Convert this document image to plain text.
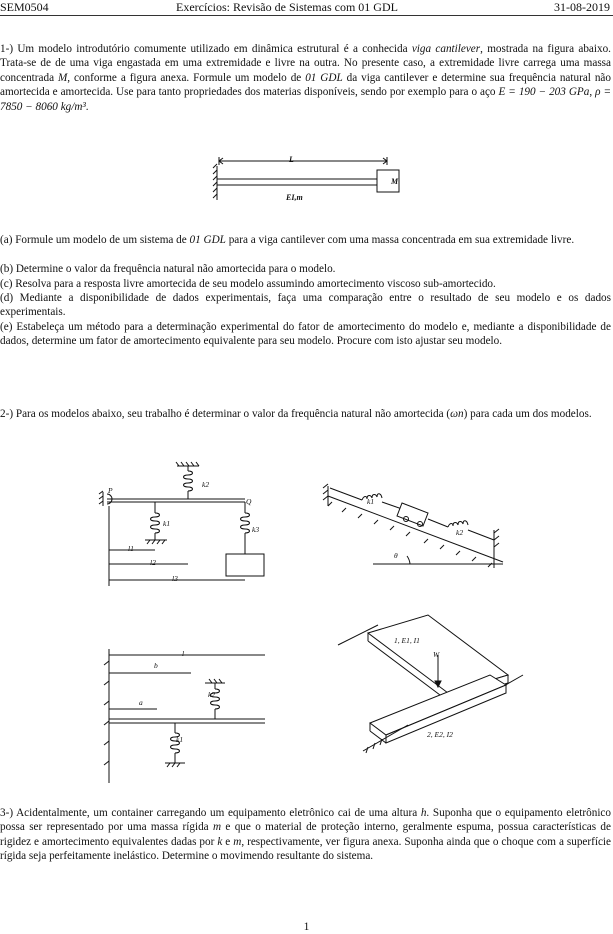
SEM0504	Exercícios: Revisão de Sistemas com 01 GDL	31-08-2019

1-) Um modelo introdutório comumente utilizado em dinâmica estrutural é a conhecida viga cantilever, mostrada na figura abaixo. Trata-se de de uma viga engastada em uma extremidade e livre na outra. No presente caso, a extremidade livre carrega uma massa concentrada M, conforme a figura anexa. Formule um modelo de 01 GDL da viga cantilever e determine sua frequência natural não amortecida e amortecida. Use para tanto propriedades dos materias disponíveis, sendo por exemplo para o aço E = 190 − 203 GPa, ρ = 7850 − 8060 kg/m³.

L
EI,m
M

(a) Formule um modelo de um sistema de 01 GDL para a viga cantilever com uma massa concentrada em sua extremidade livre.

(b) Determine o valor da frequência natural não amortecida para o modelo.

(c) Resolva para a resposta livre amortecida de seu modelo assumindo amortecimento viscoso sub-amortecido.

(d) Mediante a disponibilidade de dados experimentais, faça uma comparação entre o resultado de seu modelo e os dados experimentais.

(e) Estabeleça um método para a determinação experimental do fator de amortecimento do modelo e, mediante a disponibilidade de dados, determine um fator de amortecimento equivalente para seu modelo. Procure com isto ajustar seu modelo.

2-) Para os modelos abaixo, seu trabalho é determinar o valor da frequência natural não amortecida (ωn) para cada um dos modelos.

P
Q
k2
k1
k3
l1
l2
l3
k1
k2
θ
l
b
a
k2
k1
1, E1, I1
W
2, E2, I2

3-) Acidentalmente, um container carregando um equipamento eletrônico cai de uma altura h. Suponha que o equipamento eletrônico possa ser representado por uma massa rígida m e que o material de proteção interno, geralmente espuma, possua características de rigidez e amortecimento equivalentes dadas por k e m, respectivamente, ver figura anexa. Suponha ainda que o choque com a superfície rígida seja perfeitamente inelástico. Determine o movimendo resultante do sistema.

1
